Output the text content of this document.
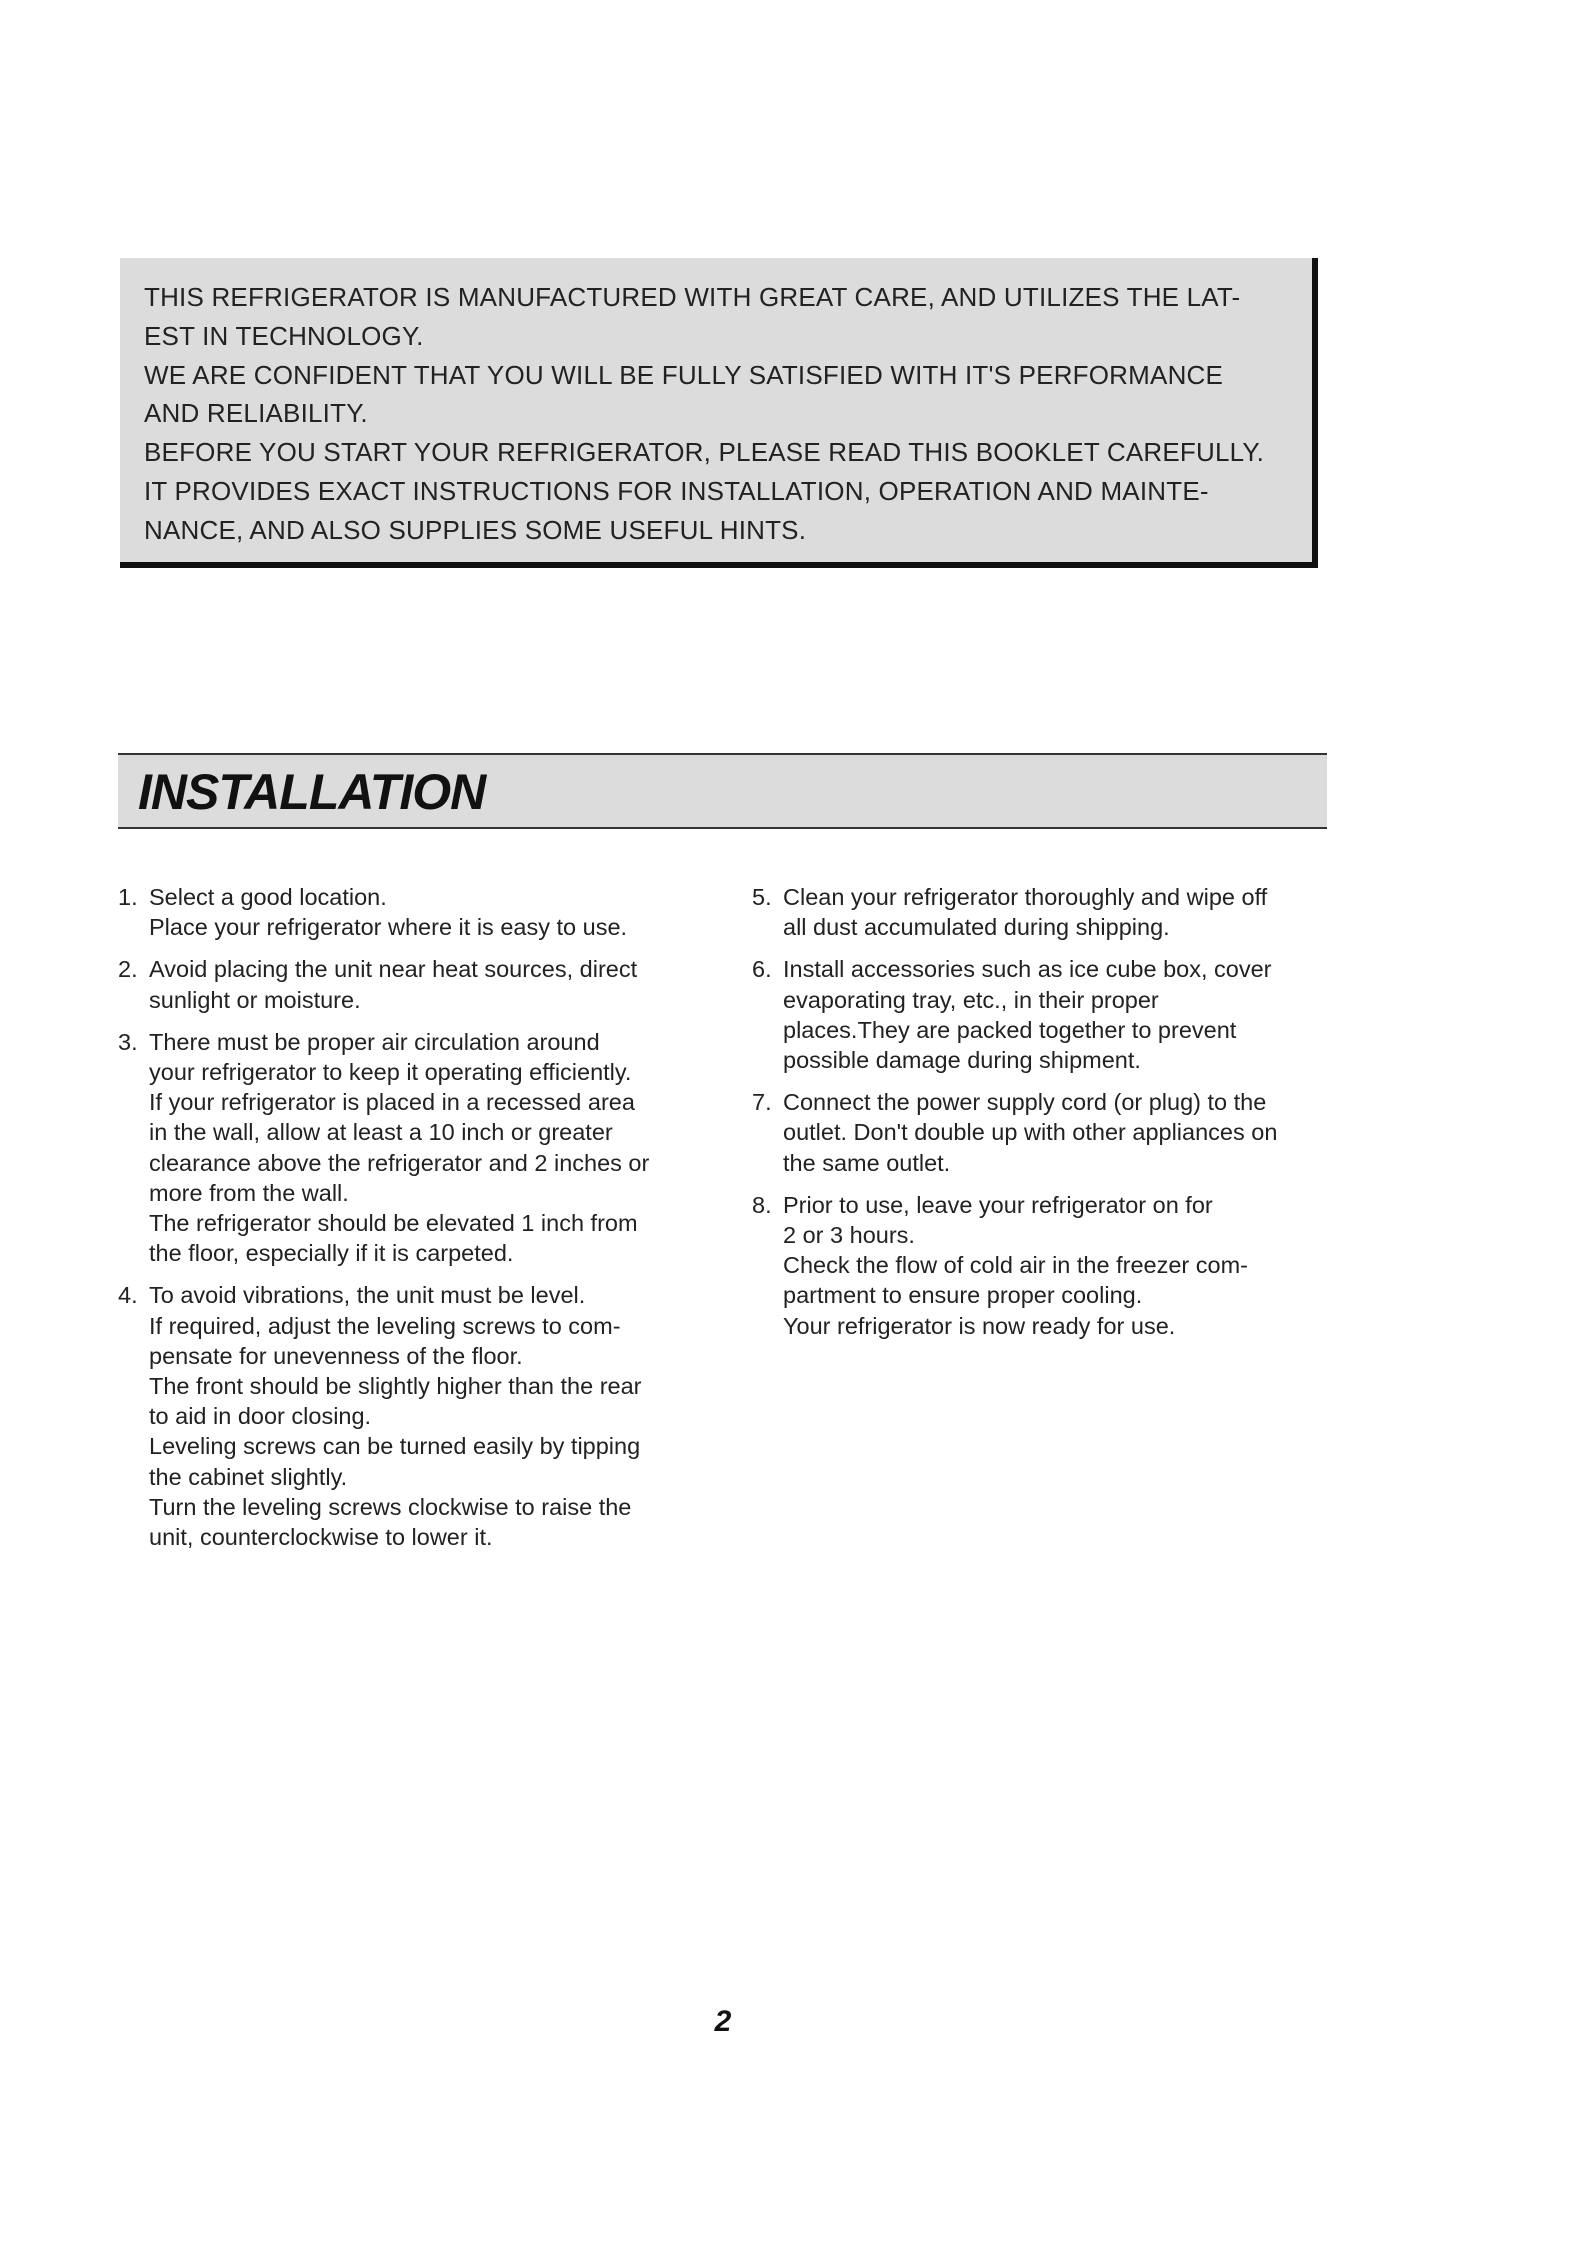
THIS REFRIGERATOR IS MANUFACTURED WITH GREAT CARE, AND UTILIZES THE LAT-
EST IN TECHNOLOGY.
WE ARE CONFIDENT THAT YOU WILL BE FULLY SATISFIED WITH IT'S PERFORMANCE
AND RELIABILITY.
BEFORE YOU START YOUR REFRIGERATOR, PLEASE READ THIS BOOKLET CAREFULLY.
IT PROVIDES EXACT INSTRUCTIONS FOR INSTALLATION, OPERATION AND MAINTE-
NANCE, AND ALSO SUPPLIES SOME USEFUL HINTS.
INSTALLATION
1. Select a good location.
Place your refrigerator where it is easy to use.
2. Avoid placing the unit near heat sources, direct
sunlight or moisture.
3. There must be proper air circulation around
your refrigerator to keep it operating efficiently.
If your refrigerator is placed in a recessed area
in the wall, allow at least a 10 inch or greater
clearance above the refrigerator and 2 inches or
more from the wall.
The refrigerator should be elevated 1 inch from
the floor, especially if it is carpeted.
4. To avoid vibrations, the unit must be level.
If required, adjust the leveling screws to com-
pensate for unevenness of the floor.
The front should be slightly higher than the rear
to aid in door closing.
Leveling screws can be turned easily by tipping
the cabinet slightly.
Turn the leveling screws clockwise to raise the
unit, counterclockwise to lower it.
5. Clean your refrigerator thoroughly and wipe off
all dust accumulated during shipping.
6. Install accessories such as ice cube box, cover
evaporating tray, etc., in their proper
places.They are packed together to prevent
possible damage during shipment.
7. Connect the power supply cord (or plug) to the
outlet. Don't double up with other appliances on
the same outlet.
8. Prior to use, leave your refrigerator on for
2 or 3 hours.
Check the flow of cold air in the freezer com-
partment to ensure proper cooling.
Your refrigerator is now ready for use.
2
